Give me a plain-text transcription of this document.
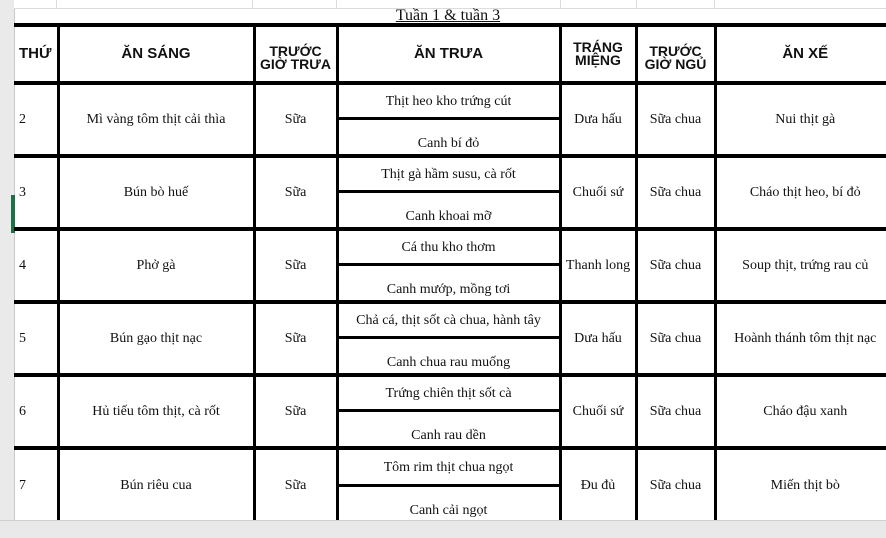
Tuần 1 & tuần 3
THỨ	ĂN SÁNG	TRƯỚC GIỜ TRƯA	ĂN TRƯA	TRÁNG MIỆNG	TRƯỚC GIỜ NGỦ	ĂN XẾ
2	Mì vàng tôm thịt cải thìa	Sữa	Thịt heo kho trứng cút
Canh bí đỏ	Dưa hấu	Sữa chua	Nui thịt gà

3	Bún bò huế	Sữa	Thịt gà hầm susu, cà rốt
Canh khoai mỡ	Chuối sứ	Sữa chua	Cháo thịt heo, bí đỏ

4	Phở gà	Sữa	Cá thu kho thơm
Canh mướp, mồng tơi	Thanh long	Sữa chua	Soup thịt, trứng rau củ

5	Bún gạo thịt nạc	Sữa	Chả cá, thịt sốt cà chua, hành tây
Canh chua rau muống	Dưa hấu	Sữa chua	Hoành thánh tôm thịt nạc

6	Hủ tiếu tôm thịt, cà rốt	Sữa	Trứng chiên thịt sốt cà
Canh rau dền	Chuối sứ	Sữa chua	Cháo đậu xanh

7	Bún riêu cua	Sữa	Tôm rim thịt chua ngọt
Canh cải ngọt	Đu đủ	Sữa chua	Miến thịt bò
